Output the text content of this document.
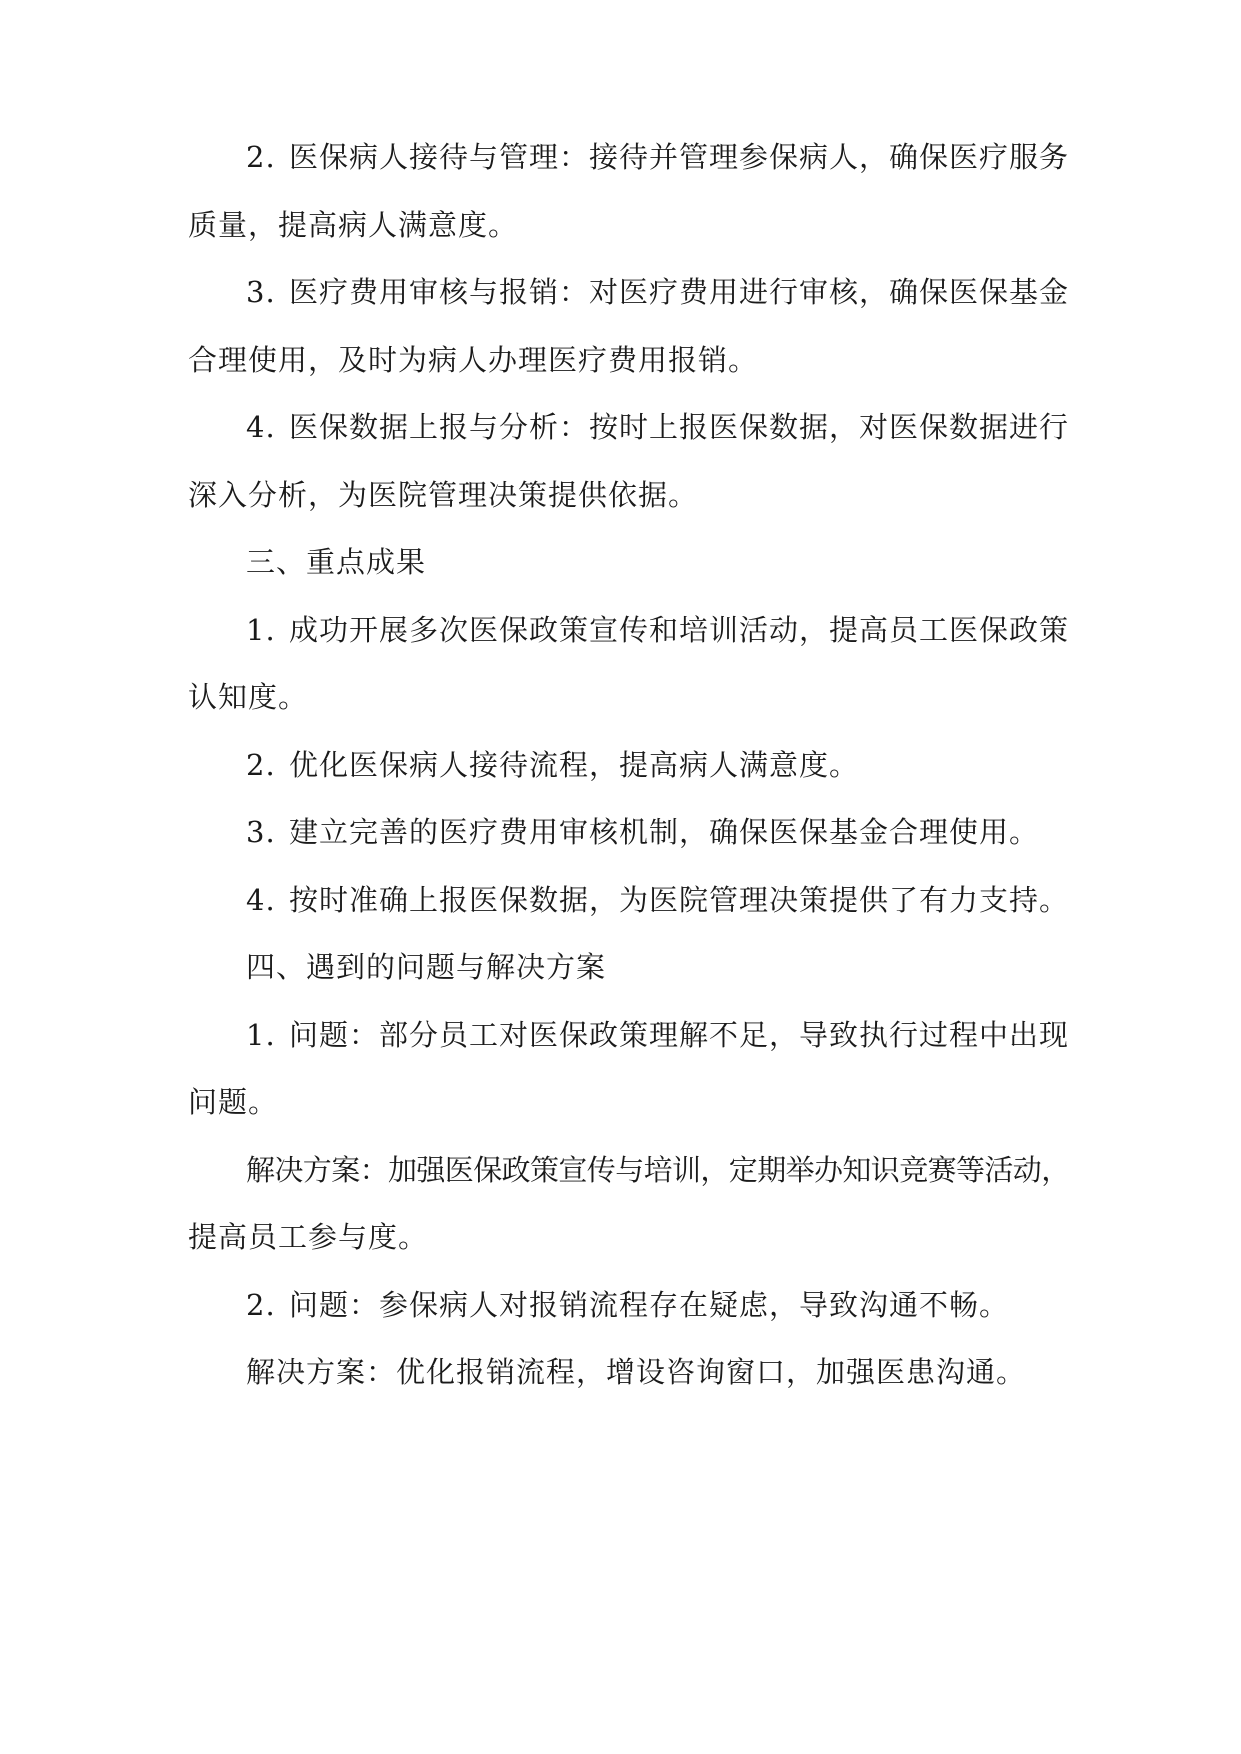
2. 医保病人接待与管理：接待并管理参保病人，确保医疗服务
质量，提高病人满意度。
3. 医疗费用审核与报销：对医疗费用进行审核，确保医保基金
合理使用，及时为病人办理医疗费用报销。
4. 医保数据上报与分析：按时上报医保数据，对医保数据进行
深入分析，为医院管理决策提供依据。
三、重点成果
1. 成功开展多次医保政策宣传和培训活动，提高员工医保政策
认知度。
2. 优化医保病人接待流程，提高病人满意度。
3. 建立完善的医疗费用审核机制，确保医保基金合理使用。
4. 按时准确上报医保数据，为医院管理决策提供了有力支持。
四、遇到的问题与解决方案
1. 问题：部分员工对医保政策理解不足，导致执行过程中出现
问题。
解决方案：加强医保政策宣传与培训，定期举办知识竞赛等活动，
提高员工参与度。
2. 问题：参保病人对报销流程存在疑虑，导致沟通不畅。
解决方案：优化报销流程，增设咨询窗口，加强医患沟通。
